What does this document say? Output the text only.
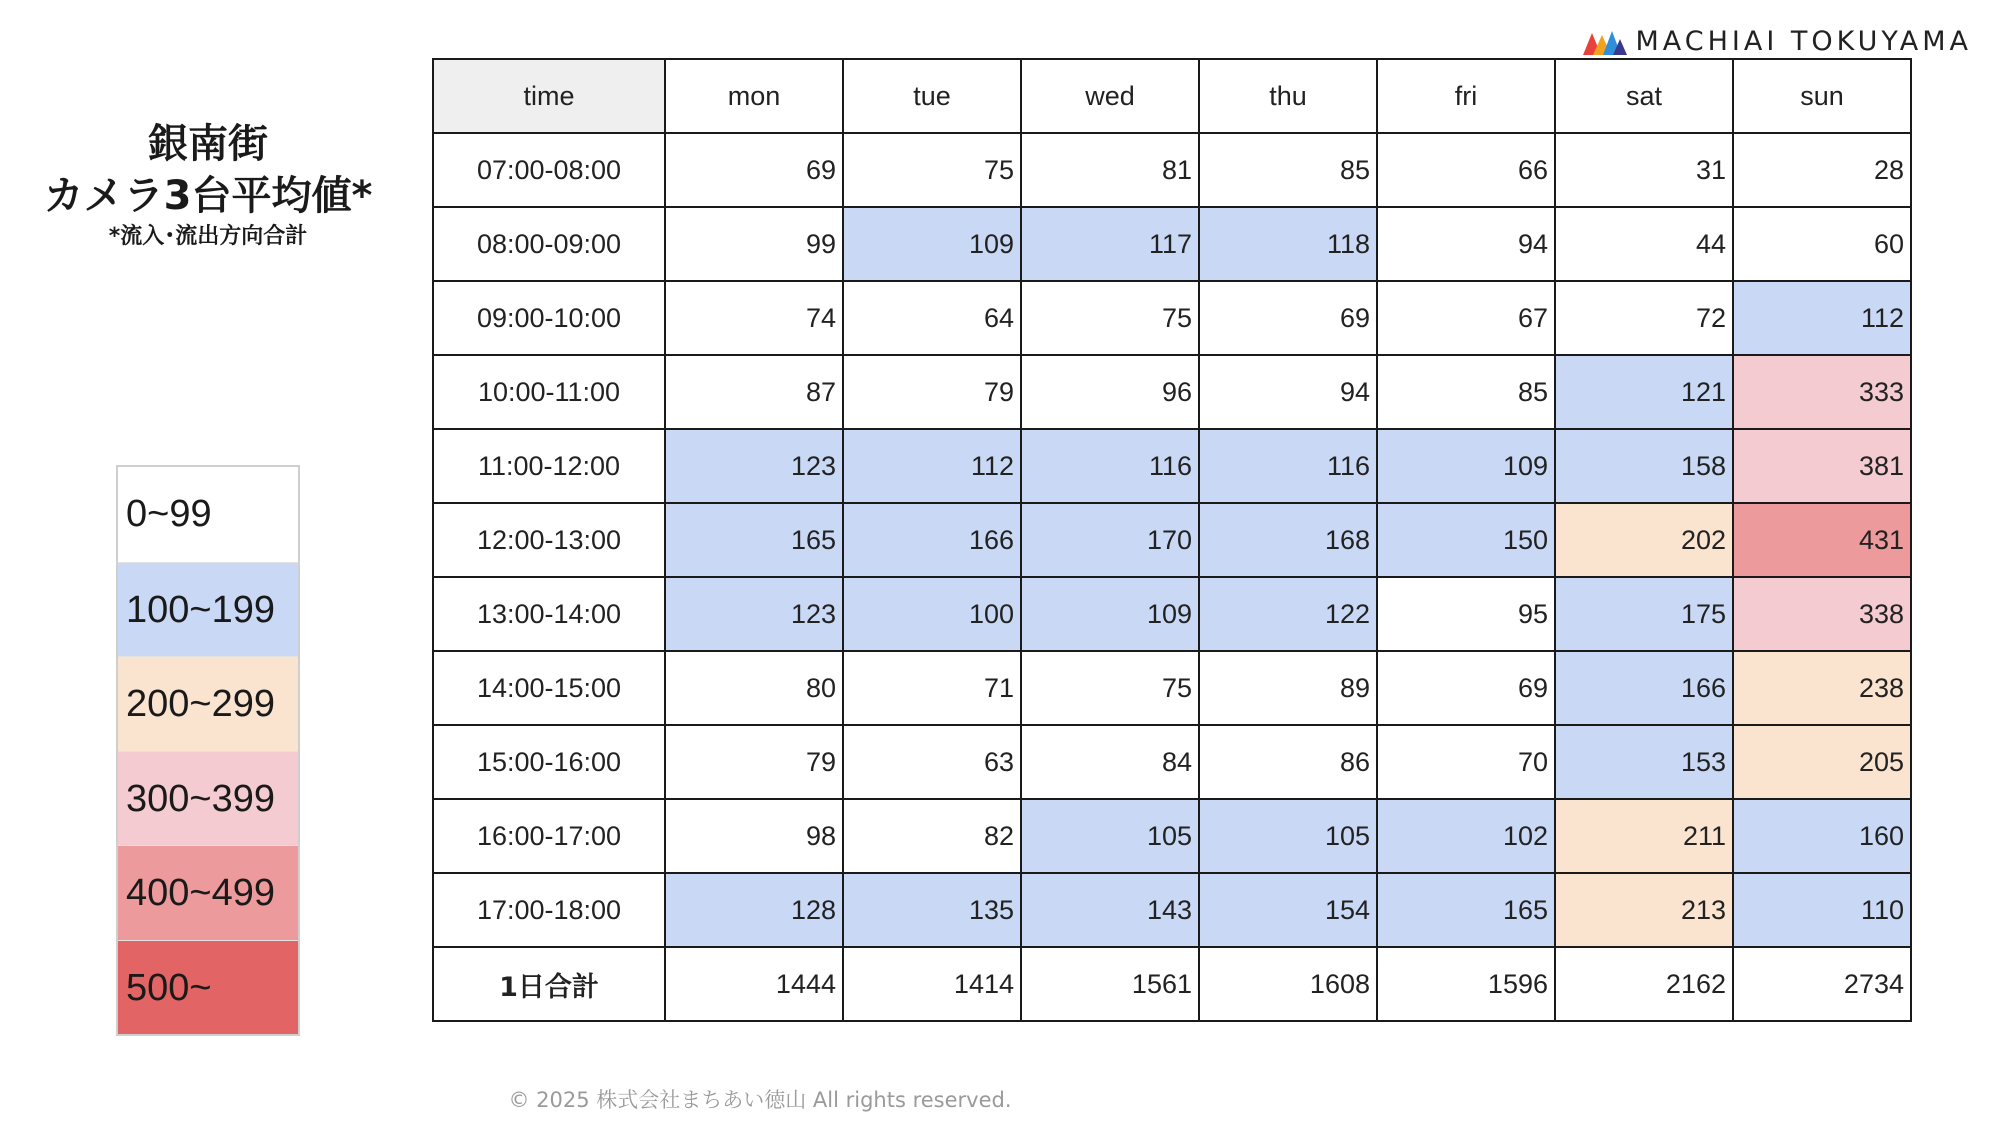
銀南街
カメラ3台平均値*
*流入･流出方向合計
0~99
100~199
200~299
300~399
400~499
500~
MACHIAI TOKUYAMA
time	mon	tue	wed	thu	fri	sat	sun
07:00-08:00	69	75	81	85	66	31	28
08:00-09:00	99	109	117	118	94	44	60
09:00-10:00	74	64	75	69	67	72	112
10:00-11:00	87	79	96	94	85	121	333
11:00-12:00	123	112	116	116	109	158	381
12:00-13:00	165	166	170	168	150	202	431
13:00-14:00	123	100	109	122	95	175	338
14:00-15:00	80	71	75	89	69	166	238
15:00-16:00	79	63	84	86	70	153	205
16:00-17:00	98	82	105	105	102	211	160
17:00-18:00	128	135	143	154	165	213	110
1日合計	1444	1414	1561	1608	1596	2162	2734
© 2025 株式会社まちあい徳山 All rights reserved.
